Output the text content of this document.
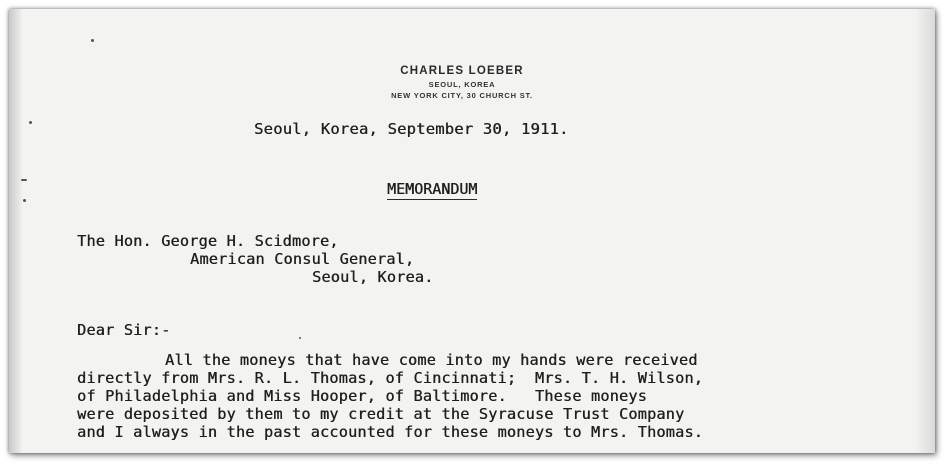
CHARLES LOEBER
SEOUL, KOREA
NEW YORK CITY, 30 CHURCH ST.
Seoul, Korea, September 30, 1911.
MEMORANDUM
The Hon. George H. Scidmore,
American Consul General,
Seoul, Korea.
Dear Sir:-
All the moneys that have come into my hands were received
directly from Mrs. R. L. Thomas, of Cincinnati;  Mrs. T. H. Wilson,
of Philadelphia and Miss Hooper, of Baltimore.   These moneys
were deposited by them to my credit at the Syracuse Trust Company
and I always in the past accounted for these moneys to Mrs. Thomas.
